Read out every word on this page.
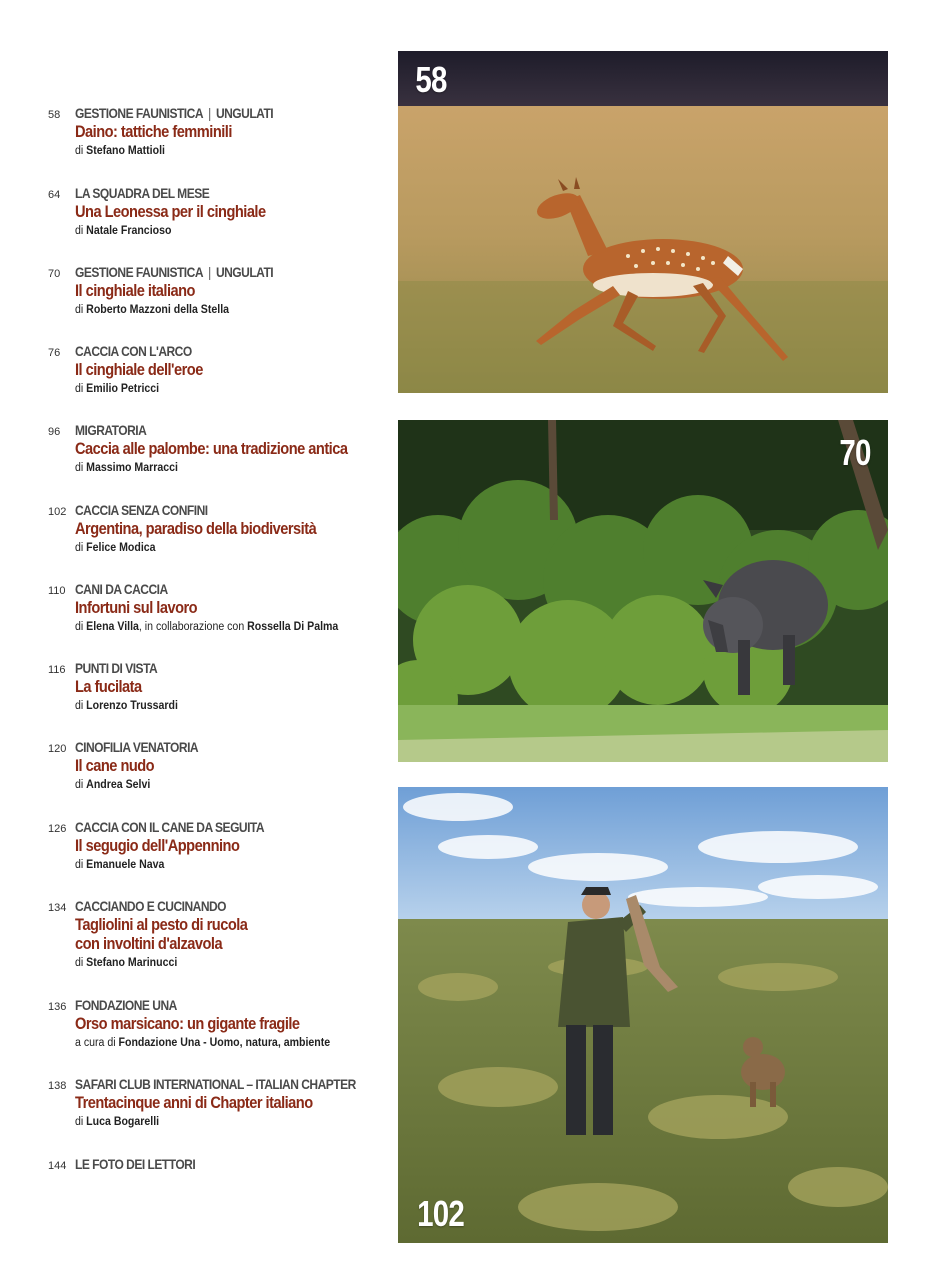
58	GESTIONE FAUNISTICA | UNGULATI
Daino: tattiche femminili
di Stefano Mattioli
64	LA SQUADRA DEL MESE
Una Leonessa per il cinghiale
di Natale Francioso
70	GESTIONE FAUNISTICA | UNGULATI
Il cinghiale italiano
di Roberto Mazzoni della Stella
76	CACCIA CON L'ARCO
Il cinghiale dell'eroe
di Emilio Petricci
96	MIGRATORIA
Caccia alle palombe: una tradizione antica
di Massimo Marracci
102 CACCIA SENZA CONFINI
Argentina, paradiso della biodiversità
di Felice Modica
110 CANI DA CACCIA
Infortuni sul lavoro
di Elena Villa, in collaborazione con Rossella Di Palma
116 PUNTI DI VISTA
La fucilata
di Lorenzo Trussardi
120 CINOFILIA VENATORIA
Il cane nudo
di Andrea Selvi
126 CACCIA CON IL CANE DA SEGUITA
Il segugio dell'Appennino
di Emanuele Nava
134 CACCIANDO E CUCINANDO
Tagliolini al pesto di rucola
con involtini d'alzavola
di Stefano Marinucci
136 FONDAZIONE UNA
Orso marsicano: un gigante fragile
a cura di Fondazione Una - Uomo, natura, ambiente
138 SAFARI CLUB INTERNATIONAL – ITALIAN CHAPTER
Trentacinque anni di Chapter italiano
di Luca Bogarelli
144 LE FOTO DEI LETTORI
58
70
102
